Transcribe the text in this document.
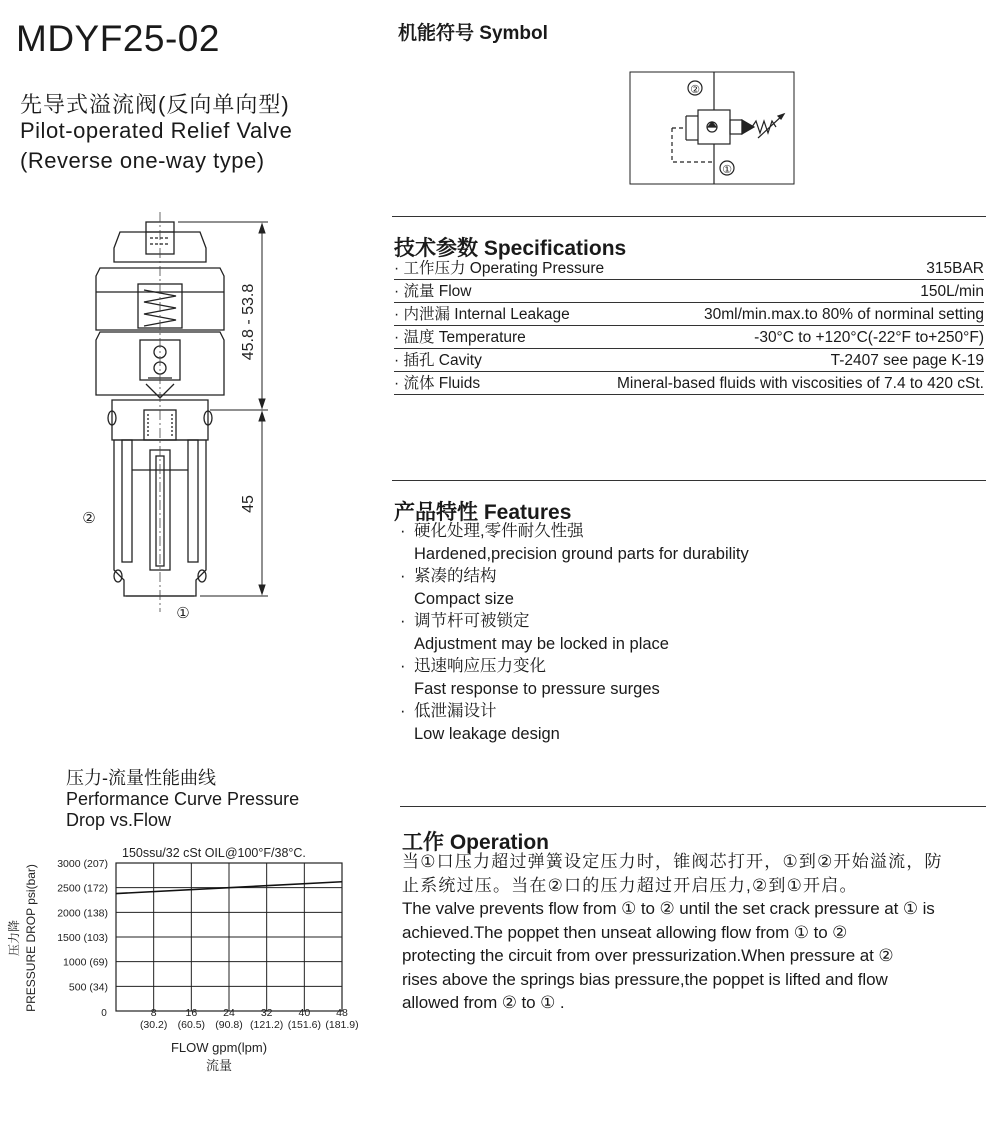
MDYF25-02
先导式溢流阀(反向单向型)
Pilot-operated Relief Valve
(Reverse one-way type)
45.8 - 53.8
45
②
①
机能符号 Symbol
②
①
技术参数 Specifications
· 工作压力 Operating Pressure	315BAR
· 流量 Flow	150L/min
· 内泄漏 Internal Leakage	30ml/min.max.to 80% of norminal setting
· 温度 Temperature	-30°C to +120°C(-22°F to+250°F)
· 插孔 Cavity	T-2407 see page K-19
· 流体 Fluids	Mineral-based fluids with viscosities of 7.4 to 420 cSt.
产品特性 Features
· 硬化处理,零件耐久性强
Hardened,precision ground parts for durability
· 紧凑的结构
Compact size
· 调节杆可被锁定
Adjustment may be locked in place
· 迅速响应压力变化
Fast response to pressure surges
· 低泄漏设计
Low leakage design
压力-流量性能曲线
Performance Curve Pressure
Drop vs.Flow
150ssu/32 cSt OIL@100°F/38°C.
压力降 PRESSURE DROP psi(bar)
0
FLOW gpm(lpm)
流量
500 (34)
1000 (69)
1500 (103)
2000 (138)
2500 (172)
3000 (207)
8
(30.2)
16
(60.5)
24
(90.8)
32
(121.2)
40
(151.6)
48
(181.9)
工作 Operation

当①口压力超过弹簧设定压力时，锥阀芯打开，①到②开始溢流，防

止系统过压。当在②口的压力超过开启压力,②到①开启。

The valve prevents flow from ① to ② until the set crack pressure at ① is

achieved.The poppet then unseat allowing flow from ① to ②

protecting the circuit from over pressurization.When pressure at ②

rises above the springs bias pressure,the poppet is lifted and flow

allowed from ② to ① .
